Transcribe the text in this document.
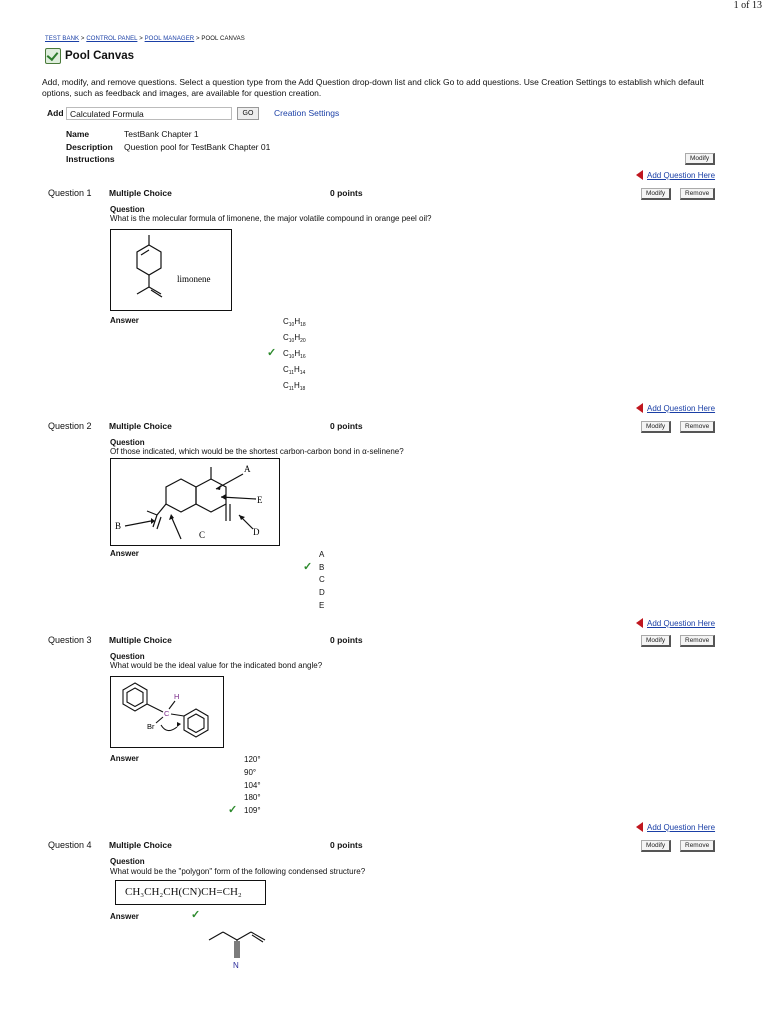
1 of 13
TEST BANK > CONTROL PANEL > POOL MANAGER > POOL CANVAS
Pool Canvas
Add, modify, and remove questions. Select a question type from the Add Question drop-down list and click Go to add questions. Use Creation Settings to establish which default options, such as feedback and images, are available for question creation.
Add Calculated Formula	GO	Creation Settings
Name	TestBank Chapter 1
Description Question pool for TestBank Chapter 01
Instructions	Modify
Add Question Here
Question 1 Multiple Choice	0 points	Modify	Remove
Question
What is the molecular formula of limonene, the major volatile compound in orange peel oil?
limonene
Answer	$C_{10}H_{18}$
$C_{10}H_{20}$
✓ $C_{10}H_{16}$
$C_{11}H_{14}$
$C_{11}H_{18}$
Add Question Here
Question 2 Multiple Choice	0 points	Modify	Remove
Question
Of those indicated, which would be the shortest carbon-carbon bond in α-selinene?
A
E
B
C	D
Answer	A
✓ B
C
D
E
Add Question Here
Question 3 Multiple Choice	0 points	Modify	Remove
Question
What would be the ideal value for the indicated bond angle?
H
C
Br
Answer	120°
90°
104°
180°
✓ 109°
Add Question Here
Question 4 Multiple Choice	0 points	Modify	Remove
Question
What would be the "polygon" form of the following condensed structure?
CH₃CH₂CH(CN)CH=CH₂
Answer	✓
N
